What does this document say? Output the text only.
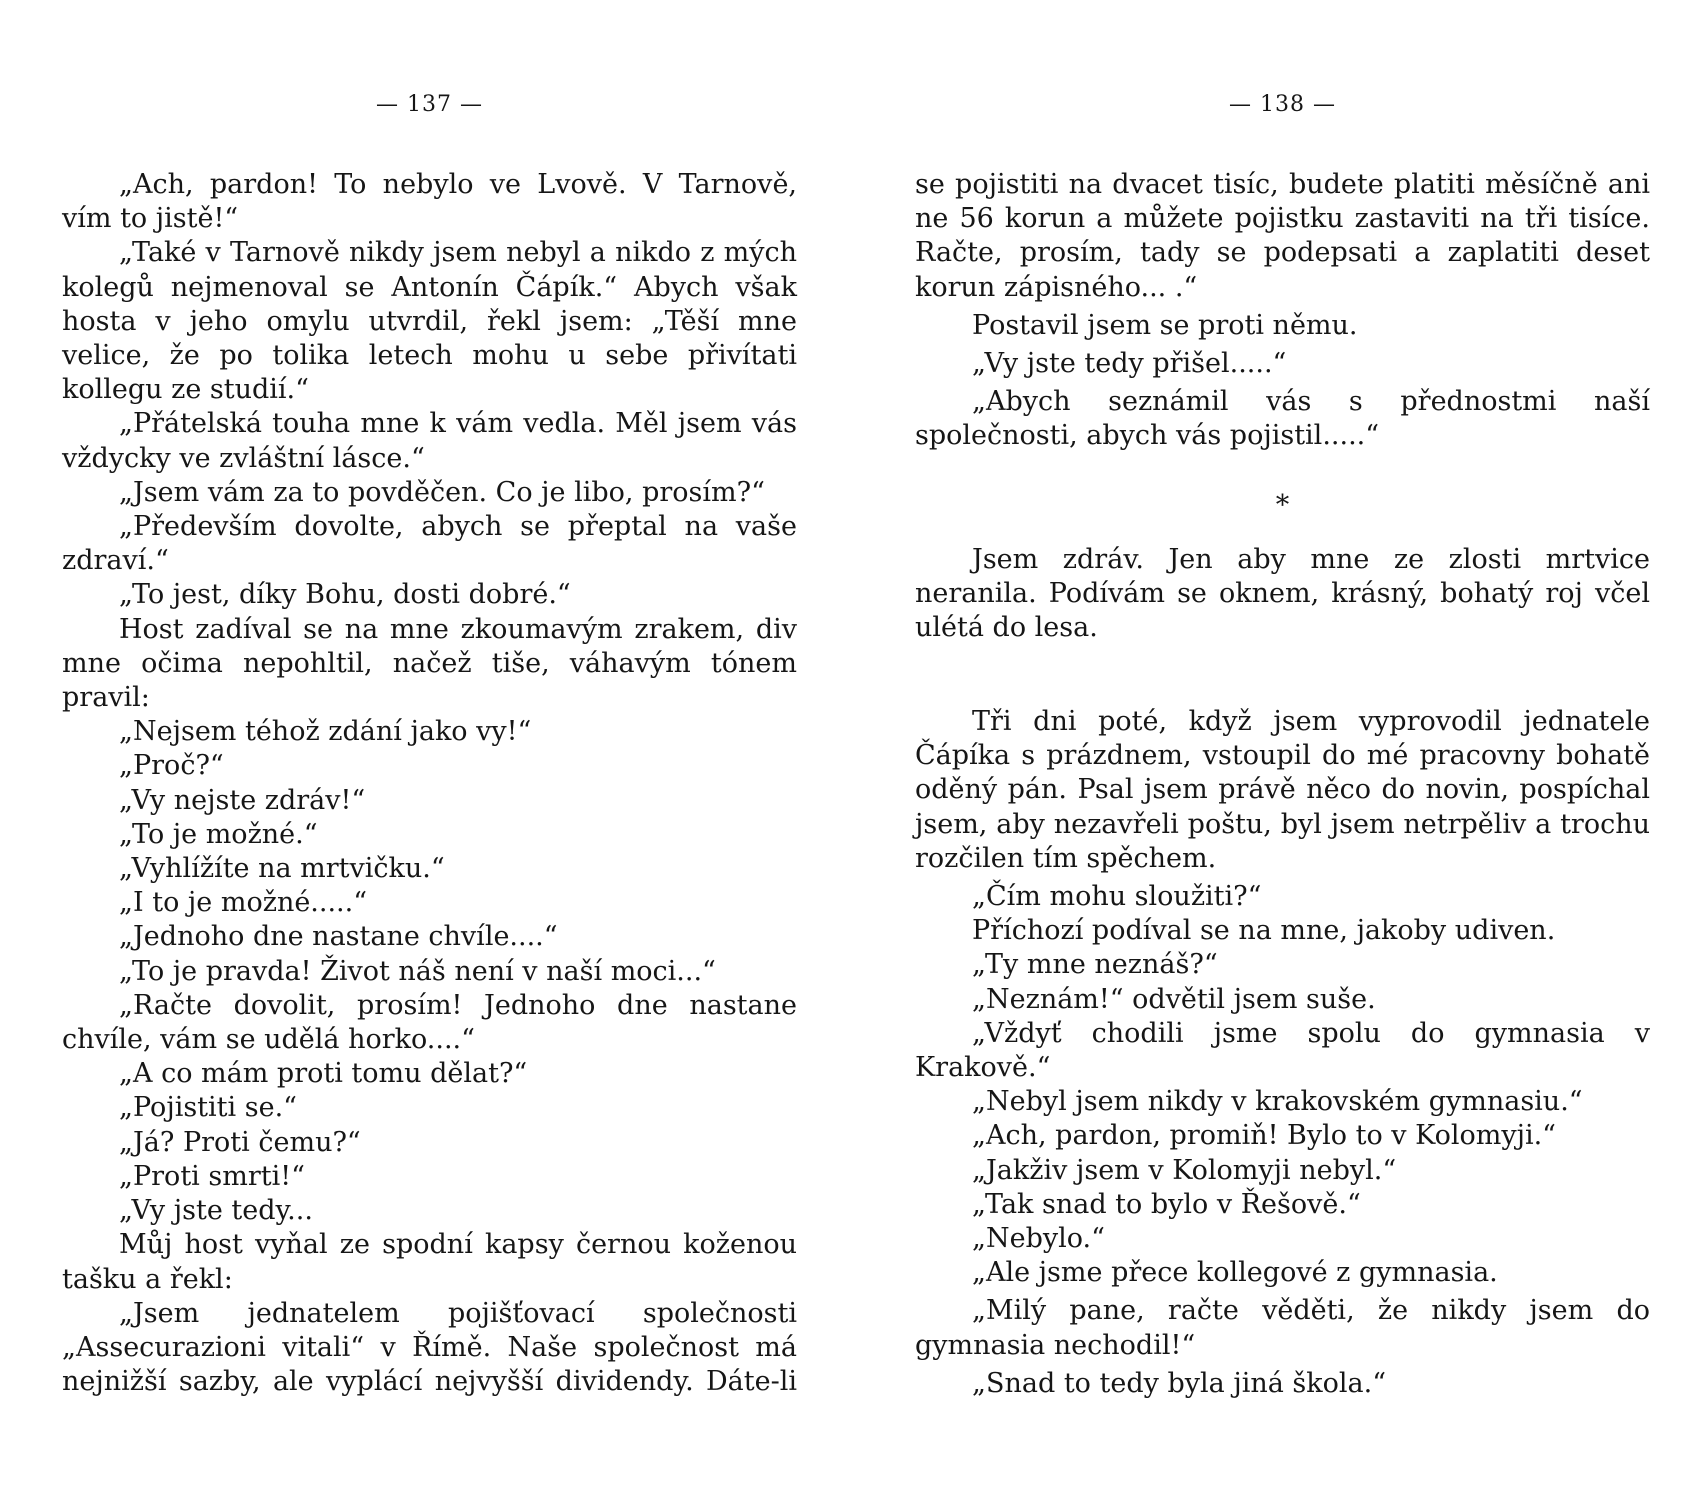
— 137 —

„Ach, pardon! To nebylo ve Lvově. V Tarnově, vím to jistě!“

„Také v Tarnově nikdy jsem nebyl a nikdo z mých kolegů nejmenoval se Antonín Čápík.“ Abych však hosta v jeho omylu utvrdil, řekl jsem: „Těší mne velice, že po tolika letech mohu u sebe přivítati kollegu ze studií.“

„Přátelská touha mne k vám vedla. Měl jsem vás vždycky ve zvláštní lásce.“

„Jsem vám za to povděčen. Co je libo, prosím?“

„Především dovolte, abych se přeptal na vaše zdraví.“

„To jest, díky Bohu, dosti dobré.“

Host zadíval se na mne zkoumavým zrakem, div mne očima nepohltil, načež tiše, váhavým tónem pravil:

„Nejsem téhož zdání jako vy!“

„Proč?“

„Vy nejste zdráv!“

„To je možné.“

„Vyhlížíte na mrtvičku.“

„I to je možné.....“

„Jednoho dne nastane chvíle....“

„To je pravda! Život náš není v naší moci...“

„Račte dovolit, prosím! Jednoho dne nastane chvíle, vám se udělá horko....“

„A co mám proti tomu dělat?“

„Pojistiti se.“

„Já? Proti čemu?“

„Proti smrti!“

„Vy jste tedy...

Můj host vyňal ze spodní kapsy černou koženou tašku a řekl:

„Jsem jednatelem pojišťovací společnosti „Assecurazioni vitali“ v Římě. Naše společnost má nejnižší sazby, ale vyplácí nejvyšší dividendy. Dáte-li

— 138 —

se pojistiti na dvacet tisíc, budete platiti měsíčně ani ne 56 korun a můžete pojistku zastaviti na tři tisíce. Račte, prosím, tady se podepsati a zaplatiti deset korun zápisného... .“

Postavil jsem se proti němu.

„Vy jste tedy přišel.....“

„Abych seznámil vás s přednostmi naší společnosti, abych vás pojistil.....“

*

Jsem zdráv. Jen aby mne ze zlosti mrtvice neranila. Podívám se oknem, krásný, bohatý roj včel ulétá do lesa.

Tři dni poté, když jsem vyprovodil jednatele Čápíka s prázdnem, vstoupil do mé pracovny bohatě oděný pán. Psal jsem právě něco do novin, pospíchal jsem, aby nezavřeli poštu, byl jsem netrpěliv a trochu rozčilen tím spěchem.

„Čím mohu sloužiti?“

Příchozí podíval se na mne, jakoby udiven.

„Ty mne neznáš?“

„Neznám!“ odvětil jsem suše.

„Vždyť chodili jsme spolu do gymnasia v Krakově.“

„Nebyl jsem nikdy v krakovském gymnasiu.“

„Ach, pardon, promiň! Bylo to v Kolomyji.“

„Jakživ jsem v Kolomyji nebyl.“

„Tak snad to bylo v Řešově.“

„Nebylo.“

„Ale jsme přece kollegové z gymnasia.

„Milý pane, račte věděti, že nikdy jsem do gymnasia nechodil!“

„Snad to tedy byla jiná škola.“
